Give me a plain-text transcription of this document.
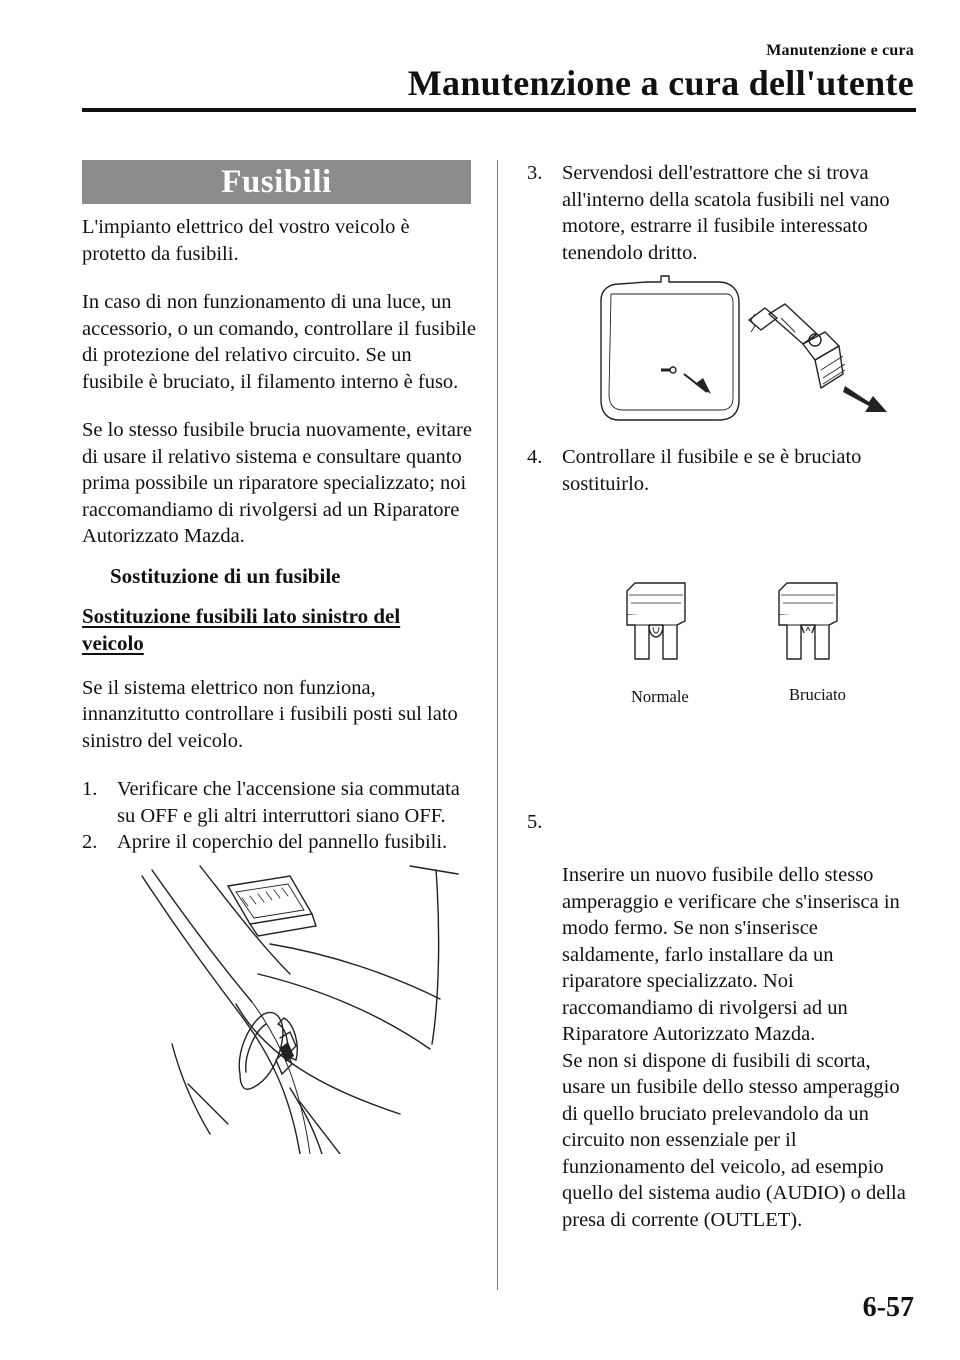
Manutenzione e cura
Manutenzione a cura dell'utente
Fusibili

L'impianto elettrico del vostro veicolo è protetto da fusibili.

In caso di non funzionamento di una luce, un accessorio, o un comando, controllare il fusibile di protezione del relativo circuito. Se un fusibile è bruciato, il filamento interno è fuso.

Se lo stesso fusibile brucia nuovamente, evitare di usare il relativo sistema e consultare quanto prima possibile un riparatore specializzato; noi raccomandiamo di rivolgersi ad un Riparatore Autorizzato Mazda.

Sostituzione di un fusibile
Sostituzione fusibili lato sinistro del
veicolo

Se il sistema elettrico non funziona, innanzitutto controllare i fusibili posti sul lato sinistro del veicolo.

1. Verificare che l'accensione sia commutata su OFF e gli altri interruttori siano OFF.
2. Aprire il coperchio del pannello fusibili.
3. Servendosi dell'estrattore che si trova all'interno della scatola fusibili nel vano motore, estrarre il fusibile interessato tenendolo dritto.
4. Controllare il fusibile e se è bruciato sostituirlo.
Normale	Bruciato

5.

Inserire un nuovo fusibile dello stesso amperaggio e verificare che s'inserisca in modo fermo. Se non s'inserisce saldamente, farlo installare da un riparatore specializzato. Noi raccomandiamo di rivolgersi ad un Riparatore Autorizzato Mazda.
Se non si dispone di fusibili di scorta, usare un fusibile dello stesso amperaggio di quello bruciato prelevandolo da un circuito non essenziale per il funzionamento del veicolo, ad esempio quello del sistema audio (AUDIO) o della presa di corrente (OUTLET).

6-57
